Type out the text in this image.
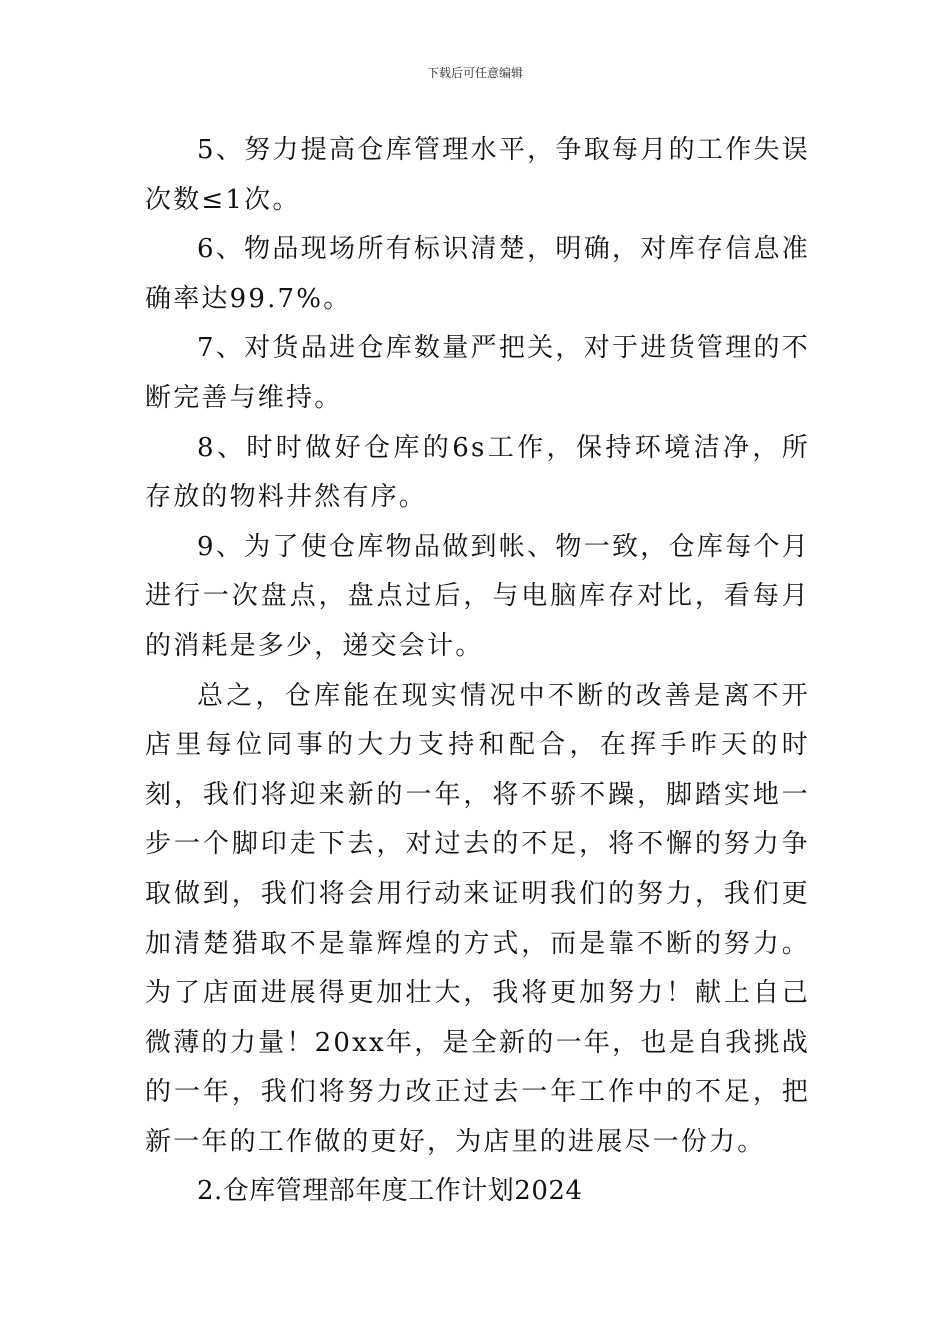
下载后可任意编辑

5、努力提高仓库管理水平，争取每月的工作失误次数≤1次。

6、物品现场所有标识清楚，明确，对库存信息准确率达99.7%。

7、对货品进仓库数量严把关，对于进货管理的不断完善与维持。

8、时时做好仓库的6s工作，保持环境洁净，所存放的物料井然有序。

9、为了使仓库物品做到帐、物一致，仓库每个月进行一次盘点，盘点过后，与电脑库存对比，看每月的消耗是多少，递交会计。

总之，仓库能在现实情况中不断的改善是离不开店里每位同事的大力支持和配合，在挥手昨天的时刻，我们将迎来新的一年，将不骄不躁，脚踏实地一步一个脚印走下去，对过去的不足，将不懈的努力争取做到，我们将会用行动来证明我们的努力，我们更加清楚猎取不是靠辉煌的方式，而是靠不断的努力。为了店面进展得更加壮大，我将更加努力！献上自己微薄的力量！20xx年，是全新的一年，也是自我挑战的一年，我们将努力改正过去一年工作中的不足，把新一年的工作做的更好，为店里的进展尽一份力。

2.仓库管理部年度工作计划2024
